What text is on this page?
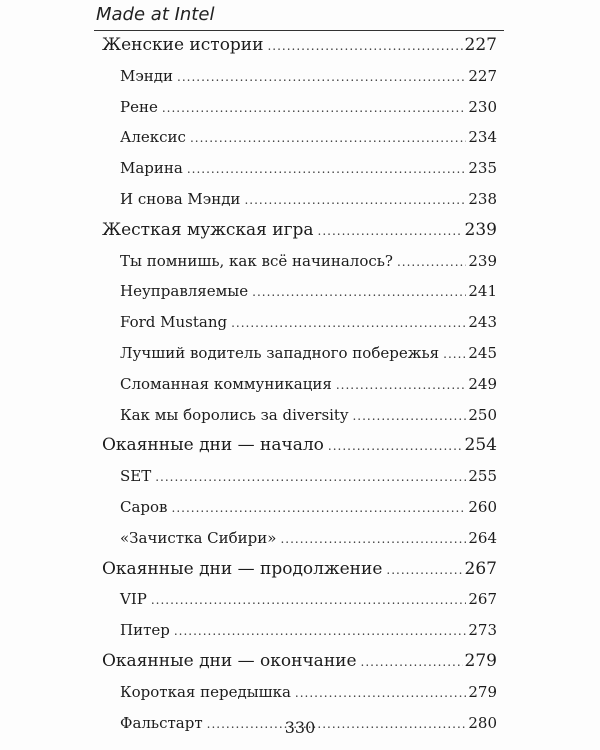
Made at Intel
Женские истории .....	227
Мэнди .....	227
Рене .....	230
Алексис .....	234
Марина .....	235
И снова Мэнди .....	238
Жесткая мужская игра .....	239
Ты помнишь, как всё начиналось? .....	239
Неуправляемые .....	241
Ford Mustang .....	243
Лучший водитель западного побережья ..... 245
Сломанная коммуникация .....	249
Как мы боролись за diversity .....	250
Окаянные дни — начало .....	254
SET .....	255
Саров .....	260
«Зачистка Сибири» .....	264
Окаянные дни — продолжение .....	267
VIP .....	267
Питер .....	273
Окаянные дни — окончание .....	279
Короткая передышка .....	279
Фальстарт .....	280
330
